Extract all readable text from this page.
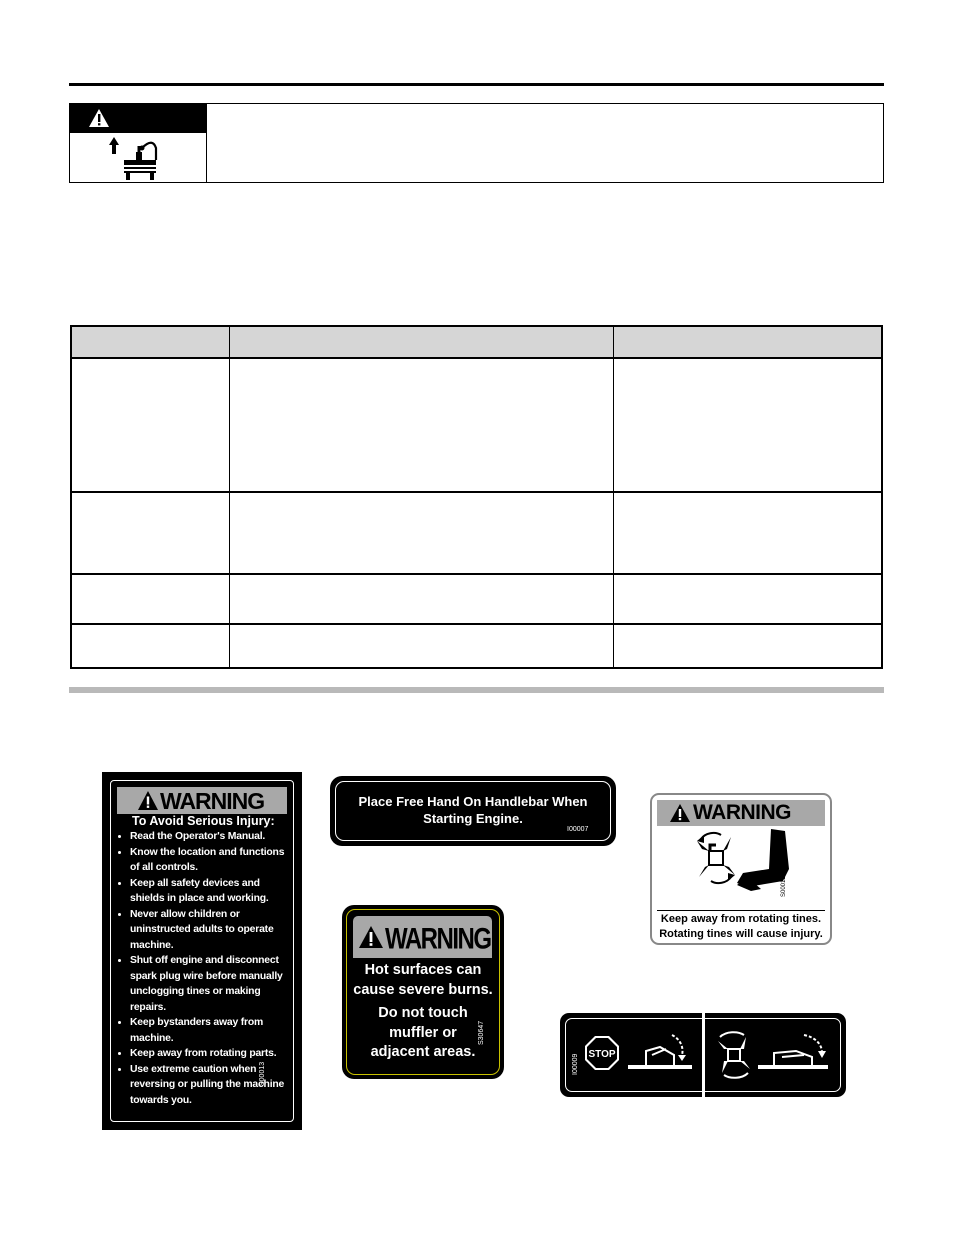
WARNING
To Avoid Serious Injury:
• Read the Operator's Manual.
• Know the location and functions of all controls.
• Keep all safety devices and shields in place and working.
• Never allow children or uninstructed adults to operate machine.
• Shut off engine and disconnect spark plug wire before manually unclogging tines or making repairs.
• Keep bystanders away from machine.
• Keep away from rotating parts.
• Use extreme caution when reversing or pulling the machine towards you.
S00013
Place Free Hand On Handlebar When
Starting Engine.
I00007
WARNING
S00012
Keep away from rotating tines.
Rotating tines will cause injury.
WARNING
Hot surfaces can
cause severe burns.
Do not touch
muffler or
adjacent areas.
S30647
I00009 STOP
